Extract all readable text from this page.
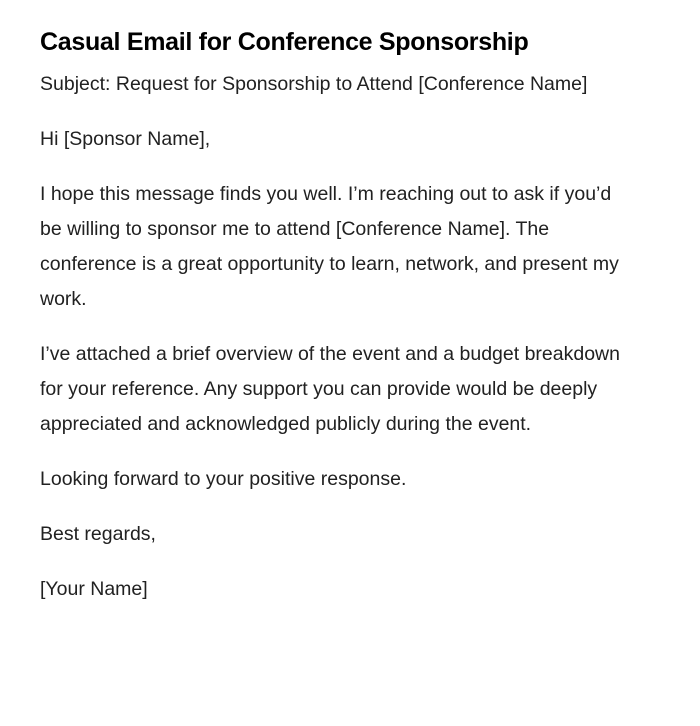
Casual Email for Conference Sponsorship

Subject: Request for Sponsorship to Attend [Conference Name]

Hi [Sponsor Name],

I hope this message finds you well. I’m reaching out to ask if you’d be willing to sponsor me to attend [Conference Name]. The conference is a great opportunity to learn, network, and present my work.

I’ve attached a brief overview of the event and a budget breakdown for your reference. Any support you can provide would be deeply appreciated and acknowledged publicly during the event.

Looking forward to your positive response.

Best regards,

[Your Name]
